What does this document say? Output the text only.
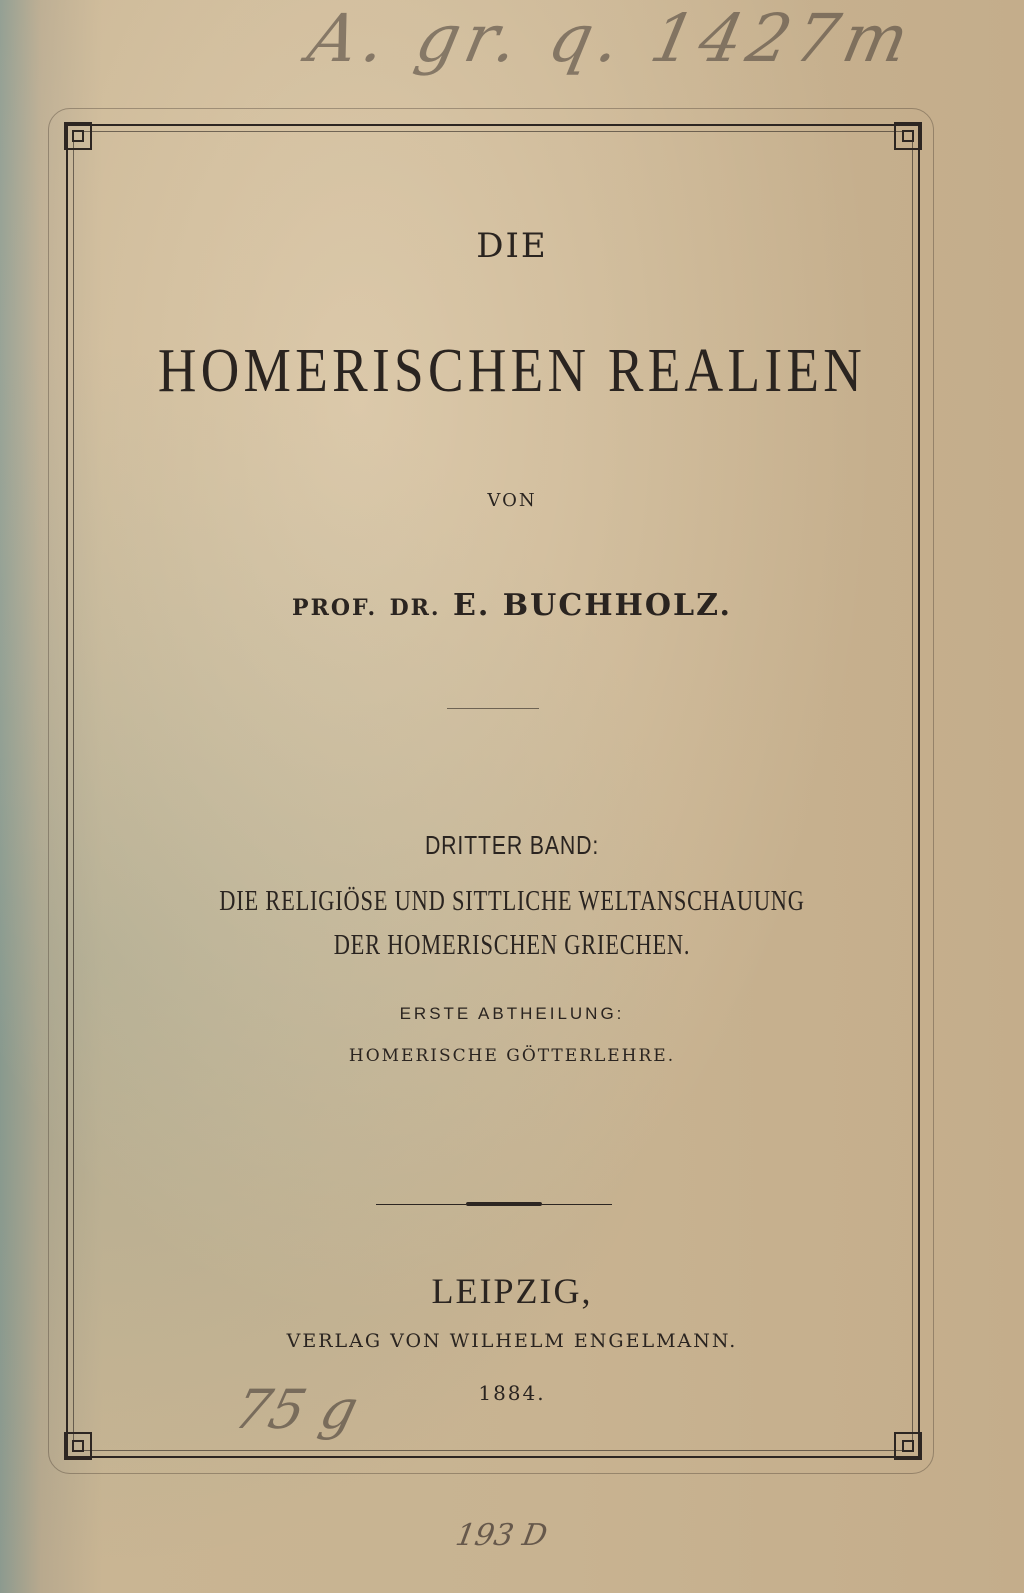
A. gr. q. 1427m
DIE
HOMERISCHEN REALIEN
VON
PROF. DR. E. BUCHHOLZ.
DRITTER BAND:
DIE RELIGIÖSE UND SITTLICHE WELTANSCHAUUNG
DER HOMERISCHEN GRIECHEN.
ERSTE ABTHEILUNG:
HOMERISCHE GÖTTERLEHRE.
LEIPZIG,
VERLAG VON WILHELM ENGELMANN.
1884.
75 g
193 D
